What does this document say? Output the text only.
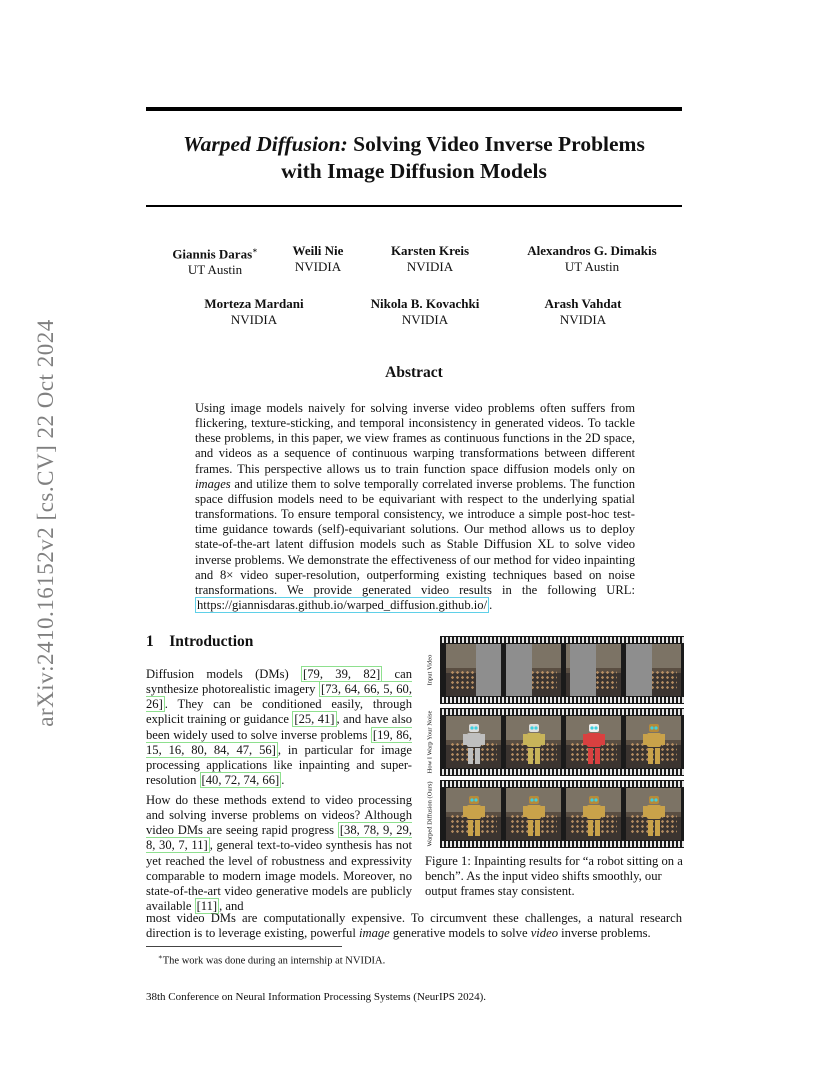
arXiv:2410.16152v2 [cs.CV] 22 Oct 2024
Warped Diffusion: Solving Video Inverse Problems
with Image Diffusion Models
Giannis Daras∗
UT Austin
Weili Nie
NVIDIA
Karsten Kreis
NVIDIA
Alexandros G. Dimakis
UT Austin
Morteza Mardani
NVIDIA
Nikola B. Kovachki
NVIDIA
Arash Vahdat
NVIDIA
Abstract
Using image models naively for solving inverse video problems often suffers from flickering, texture-sticking, and temporal inconsistency in generated videos. To tackle these problems, in this paper, we view frames as continuous functions in the 2D space, and videos as a sequence of continuous warping transformations between different frames. This perspective allows us to train function space diffusion models only on images and utilize them to solve temporally correlated inverse problems. The function space diffusion models need to be equivariant with respect to the underlying spatial transformations. To ensure temporal consistency, we introduce a simple post-hoc test-time guidance towards (self)-equivariant solutions. Our method allows us to deploy state-of-the-art latent diffusion models such as Stable Diffusion XL to solve video inverse problems. We demonstrate the effectiveness of our method for video inpainting and 8× video super-resolution, outperforming existing techniques based on noise transformations. We provide generated video results in the following URL: https://giannisdaras.github.io/warped_diffusion.github.io/ .
1 Introduction
Diffusion models (DMs) [79, 39, 82] can synthesize photorealistic imagery [73, 64, 66, 5, 60, 26] . They can be conditioned easily, through explicit training or guidance [25, 41] , and have also been widely used to solve inverse problems [19, 86, 15, 16, 80, 84, 47, 56] , in particular for image processing applications like inpainting and super-resolution [40, 72, 74, 66] .
How do these methods extend to video processing and solving inverse problems on videos? Although video DMs are seeing rapid progress [38, 78, 9, 29, 8, 30, 7, 11] , general text-to-video synthesis has not yet reached the level of robustness and expressivity comparable to modern image models. Moreover, no state-of-the-art video generative models are publicly available [11] , and
most video DMs are computationally expensive. To circumvent these challenges, a natural research direction is to leverage existing, powerful image generative models to solve video inverse problems.
∗The work was done during an internship at NVIDIA.
38th Conference on Neural Information Processing Systems (NeurIPS 2024).
Input Video
How I Warp Your Noise
Warped Diffusion (Ours)
Figure 1: Inpainting results for “a robot sitting on a bench”. As the input video shifts smoothly, our output frames stay consistent.
